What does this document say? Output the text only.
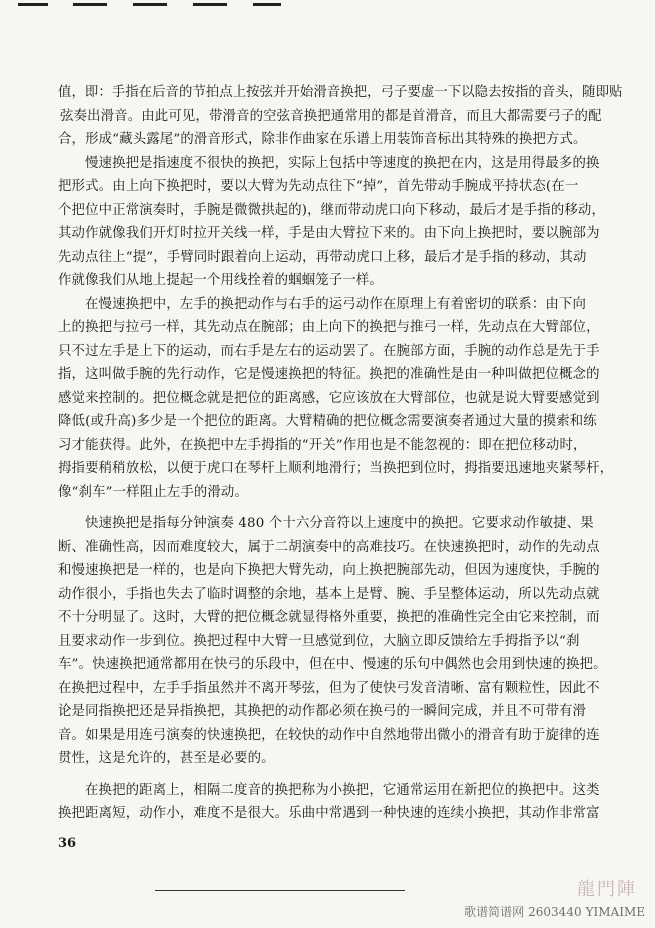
值，即：手指在后音的节拍点上按弦并开始滑音换把，弓子要虚一下以隐去按指的音头，随即贴
弦奏出滑音。由此可见，带滑音的空弦音换把通常用的都是首滑音，而且大都需要弓子的配
合，形成“藏头露尾”的滑音形式，除非作曲家在乐谱上用装饰音标出其特殊的换把方式。
慢速换把是指速度不很快的换把，实际上包括中等速度的换把在内，这是用得最多的换
把形式。由上向下换把时，要以大臂为先动点往下“掉”，首先带动手腕成平持状态(在一
个把位中正常演奏时，手腕是微微拱起的)，继而带动虎口向下移动，最后才是手指的移动，
其动作就像我们开灯时拉开关线一样，手是由大臂拉下来的。由下向上换把时，要以腕部为
先动点往上“提”，手臂同时跟着向上运动，再带动虎口上移，最后才是手指的移动，其动
作就像我们从地上提起一个用线拴着的蝈蝈笼子一样。
在慢速换把中，左手的换把动作与右手的运弓动作在原理上有着密切的联系：由下向
上的换把与拉弓一样，其先动点在腕部；由上向下的换把与推弓一样，先动点在大臂部位，
只不过左手是上下的运动，而右手是左右的运动罢了。在腕部方面，手腕的动作总是先于手
指，这叫做手腕的先行动作，它是慢速换把的特征。换把的准确性是由一种叫做把位概念的
感觉来控制的。把位概念就是把位的距离感，它应该放在大臂部位，也就是说大臂要感觉到
降低(或升高)多少是一个把位的距离。大臂精确的把位概念需要演奏者通过大量的摸索和练
习才能获得。此外，在换把中左手拇指的“开关”作用也是不能忽视的：即在把位移动时，
拇指要稍稍放松，以便于虎口在琴杆上顺利地滑行；当换把到位时，拇指要迅速地夹紧琴杆，
像“刹车”一样阻止左手的滑动。
快速换把是指每分钟演奏 480 个十六分音符以上速度中的换把。它要求动作敏捷、果
断、准确性高，因而难度较大，属于二胡演奏中的高难技巧。在快速换把时，动作的先动点
和慢速换把是一样的，也是向下换把大臂先动，向上换把腕部先动，但因为速度快，手腕的
动作很小，手指也失去了临时调整的余地，基本上是臂、腕、手呈整体运动，所以先动点就
不十分明显了。这时，大臂的把位概念就显得格外重要，换把的准确性完全由它来控制，而
且要求动作一步到位。换把过程中大臂一旦感觉到位，大脑立即反馈给左手拇指予以“刹
车”。快速换把通常都用在快弓的乐段中，但在中、慢速的乐句中偶然也会用到快速的换把。
在换把过程中，左手手指虽然并不离开琴弦，但为了使快弓发音清晰、富有颗粒性，因此不
论是同指换把还是异指换把，其换把的动作都必须在换弓的一瞬间完成，并且不可带有滑
音。如果是用连弓演奏的快速换把，在较快的动作中自然地带出微小的滑音有助于旋律的连
贯性，这是允许的，甚至是必要的。
在换把的距离上，相隔二度音的换把称为小换把，它通常运用在新把位的换把中。这类
换把距离短，动作小，难度不是很大。乐曲中常遇到一种快速的连续小换把，其动作非常富
36
龍門陣
歌谱简谱网 2603440 YIMAIME
